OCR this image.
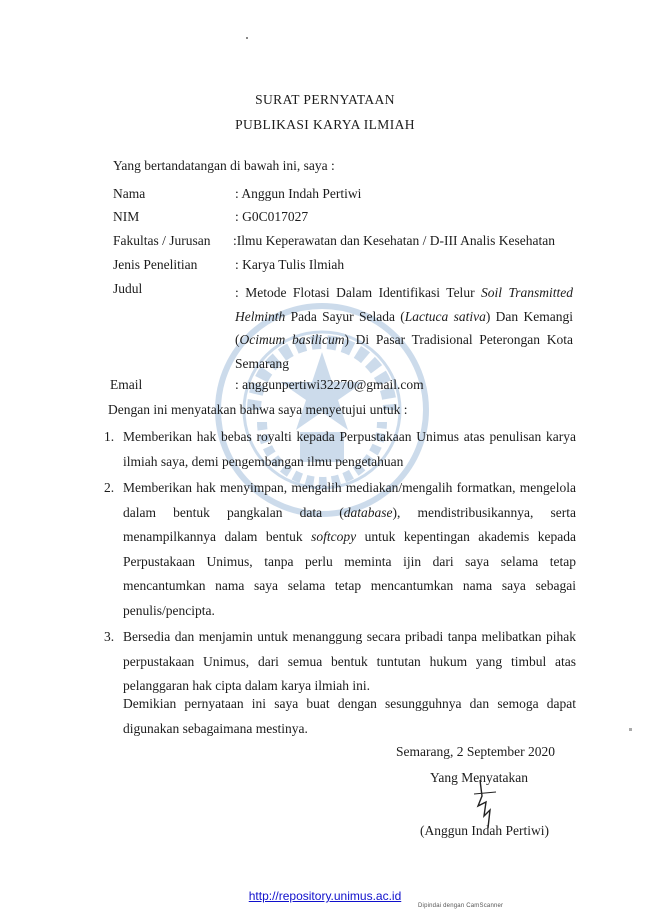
SURAT PERNYATAAN
PUBLIKASI KARYA ILMIAH
Yang bertandatangan di bawah ini, saya :
Nama	: Anggun Indah Pertiwi
NIM	: G0C017027
Fakultas / Jurusan :Ilmu Keperawatan dan Kesehatan / D-III Analis Kesehatan
Jenis Penelitian	: Karya Tulis Ilmiah
Judul	: Metode Flotasi Dalam Identifikasi Telur Soil Transmitted Helminth Pada Sayur Selada (Lactuca sativa) Dan Kemangi (Ocimum basilicum) Di Pasar Tradisional Peterongan Kota Semarang
Email	: anggunpertiwi32270@gmail.com
Dengan ini menyatakan bahwa saya menyetujui untuk :
1. Memberikan hak bebas royalti kepada Perpustakaan Unimus atas penulisan karya ilmiah saya, demi pengembangan ilmu pengetahuan
2. Memberikan hak menyimpan, mengalih mediakan/mengalih formatkan, mengelola dalam bentuk pangkalan data (database), mendistribusikannya, serta menampilkannya dalam bentuk softcopy untuk kepentingan akademis kepada Perpustakaan Unimus, tanpa perlu meminta ijin dari saya selama tetap mencantumkan nama saya selama tetap mencantumkan nama saya sebagai penulis/pencipta.
3. Bersedia dan menjamin untuk menanggung secara pribadi tanpa melibatkan pihak perpustakaan Unimus, dari semua bentuk tuntutan hukum yang timbul atas pelanggaran hak cipta dalam karya ilmiah ini.
Demikian pernyataan ini saya buat dengan sesungguhnya dan semoga dapat digunakan sebagaimana mestinya.
Semarang, 2 September 2020
Yang Menyatakan
(Anggun Indah Pertiwi)
http://repository.unimus.ac.id
Dipindai dengan CamScanner
